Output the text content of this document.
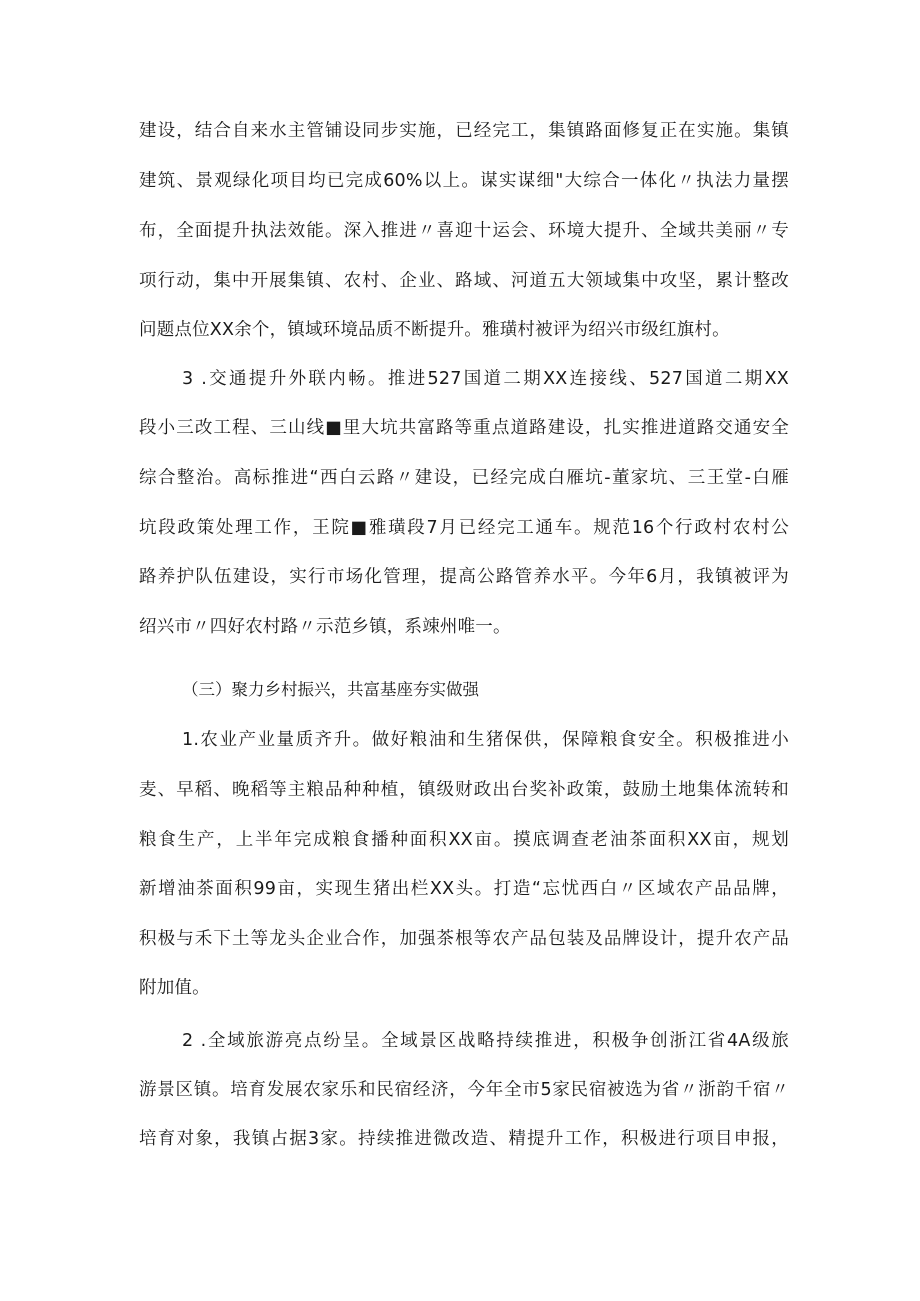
建设，结合自来水主管铺设同步实施，已经完工，集镇路面修复正在实施。集镇
建筑、景观绿化项目均已完成60%以上。谋实谋细"大综合一体化〃执法力量摆
布，全面提升执法效能。深入推进〃喜迎十运会、环境大提升、全域共美丽〃专
项行动，集中开展集镇、农村、企业、路域、河道五大领域集中攻坚，累计整改
问题点位XX余个，镇域环境品质不断提升。雅璜村被评为绍兴市级红旗村。
3 .交通提升外联内畅。推进527国道二期XX连接线、527国道二期XX
段小三改工程、三山线■里大坑共富路等重点道路建设，扎实推进道路交通安全
综合整治。高标推进“西白云路〃建设，已经完成白雁坑-董家坑、三王堂-白雁
坑段政策处理工作，王院■雅璜段7月已经完工通车。规范16个行政村农村公
路养护队伍建设，实行市场化管理，提高公路管养水平。今年6月，我镇被评为
绍兴市〃四好农村路〃示范乡镇，系竦州唯一。
（三）聚力乡村振兴，共富基座夯实做强
1.农业产业量质齐升。做好粮油和生猪保供，保障粮食安全。积极推进小
麦、早稻、晚稻等主粮品种种植，镇级财政出台奖补政策，鼓励土地集体流转和
粮食生产，上半年完成粮食播种面积XX亩。摸底调查老油茶面积XX亩，规划
新增油茶面积99亩，实现生猪出栏XX头。打造“忘忧西白〃区域农产品品牌，
积极与禾下土等龙头企业合作，加强茶根等农产品包装及品牌设计，提升农产品
附加值。
2 .全域旅游亮点纷呈。全域景区战略持续推进，积极争创浙江省4A级旅
游景区镇。培育发展农家乐和民宿经济，今年全市5家民宿被选为省〃浙韵千宿〃
培育对象，我镇占据3家。持续推进微改造、精提升工作，积极进行项目申报，
